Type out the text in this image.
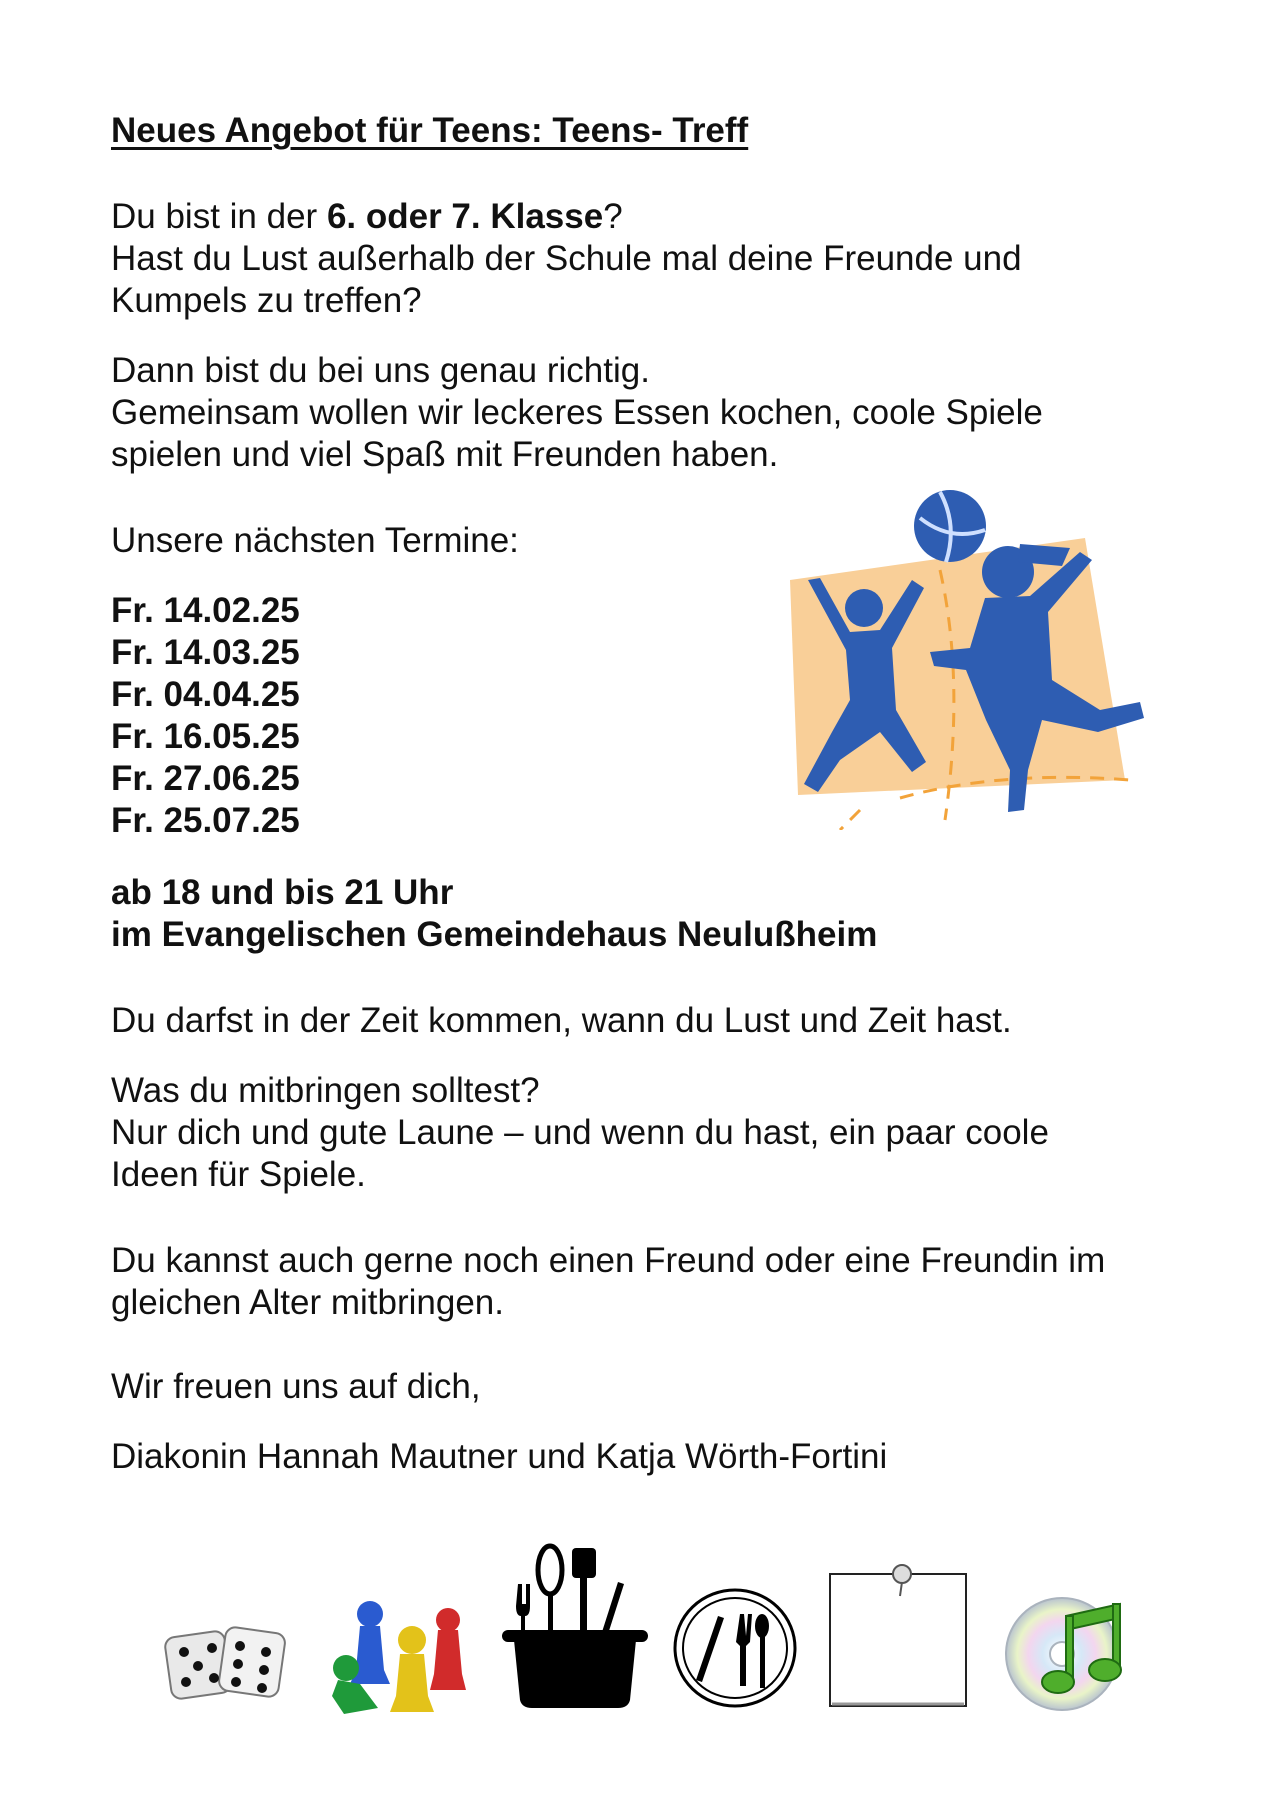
Neues Angebot für Teens: Teens- Treff

Du bist in der 6. oder 7. Klasse?

Hast du Lust außerhalb der Schule mal deine Freunde und

Kumpels zu treffen?

Dann bist du bei uns genau richtig.

Gemeinsam wollen wir leckeres Essen kochen, coole Spiele

spielen und viel Spaß mit Freunden haben.

Unsere nächsten Termine:

Fr. 14.02.25
Fr. 14.03.25
Fr. 04.04.25
Fr. 16.05.25
Fr. 27.06.25
Fr. 25.07.25

ab 18 und bis 21 Uhr

im Evangelischen Gemeindehaus Neulußheim

Du darfst in der Zeit kommen, wann du Lust und Zeit hast.

Was du mitbringen solltest?

Nur dich und gute Laune – und wenn du hast, ein paar coole

Ideen für Spiele.

Du kannst auch gerne noch einen Freund oder eine Freundin im

gleichen Alter mitbringen.

Wir freuen uns auf dich,

Diakonin Hannah Mautner und Katja Wörth-Fortini
